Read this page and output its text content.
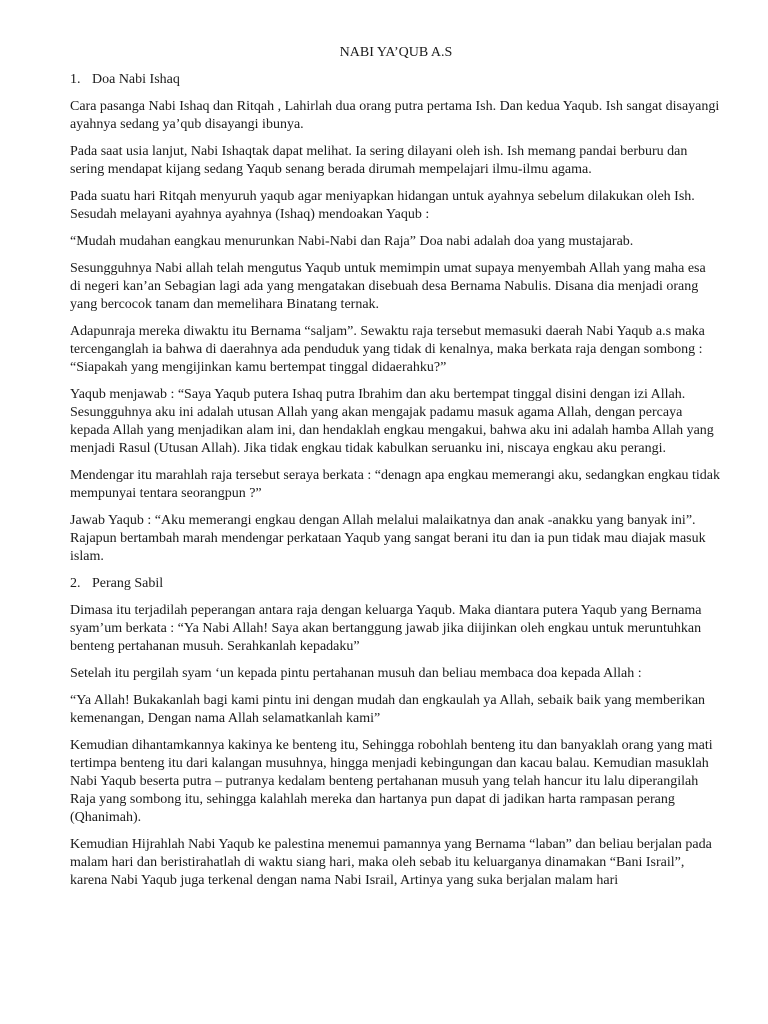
NABI YA’QUB A.S
1. Doa Nabi Ishaq

Cara pasanga Nabi Ishaq dan Ritqah , Lahirlah dua orang putra pertama Ish. Dan kedua Yaqub. Ish sangat disayangi ayahnya sedang ya’qub disayangi ibunya.

Pada saat usia lanjut, Nabi Ishaqtak dapat melihat. Ia sering dilayani oleh ish. Ish memang pandai berburu dan sering mendapat kijang sedang Yaqub senang berada dirumah mempelajari ilmu-ilmu agama.

Pada suatu hari Ritqah menyuruh yaqub agar meniyapkan hidangan untuk ayahnya sebelum dilakukan oleh Ish. Sesudah melayani ayahnya ayahnya (Ishaq) mendoakan Yaqub :

“Mudah mudahan eangkau menurunkan Nabi-Nabi dan Raja” Doa nabi adalah doa yang mustajarab.

Sesungguhnya Nabi allah telah mengutus Yaqub untuk memimpin umat supaya menyembah Allah yang maha esa di negeri kan’an Sebagian lagi ada yang mengatakan disebuah desa Bernama Nabulis. Disana dia menjadi orang yang bercocok tanam dan memelihara Binatang ternak.

Adapunraja mereka diwaktu itu Bernama “saljam”. Sewaktu raja tersebut memasuki daerah Nabi Yaqub a.s maka tercenganglah ia bahwa di daerahnya ada penduduk yang tidak di kenalnya, maka berkata raja dengan sombong : “Siapakah yang mengijinkan kamu bertempat tinggal didaerahku?”

Yaqub menjawab : “Saya Yaqub putera Ishaq putra Ibrahim dan aku bertempat tinggal disini dengan izi Allah. Sesungguhnya aku ini adalah utusan Allah yang akan mengajak padamu masuk agama Allah, dengan percaya kepada Allah yang menjadikan alam ini, dan hendaklah engkau mengakui, bahwa aku ini adalah hamba Allah yang menjadi Rasul (Utusan Allah). Jika tidak engkau tidak kabulkan seruanku ini, niscaya engkau aku perangi.

Mendengar itu marahlah raja tersebut seraya berkata : “denagn apa engkau memerangi aku, sedangkan engkau tidak mempunyai tentara seorangpun ?”

Jawab Yaqub : “Aku memerangi engkau dengan Allah melalui malaikatnya dan anak -anakku yang banyak ini”. Rajapun bertambah marah mendengar perkataan Yaqub yang sangat berani itu dan ia pun tidak mau diajak masuk islam.

2. Perang Sabil

Dimasa itu terjadilah peperangan antara raja dengan keluarga Yaqub. Maka diantara putera Yaqub yang Bernama syam’um berkata : “Ya Nabi Allah! Saya akan bertanggung jawab jika diijinkan oleh engkau untuk meruntuhkan benteng pertahanan musuh. Serahkanlah kepadaku”

Setelah itu pergilah syam ‘un kepada pintu pertahanan musuh dan beliau membaca doa kepada Allah :

“Ya Allah! Bukakanlah bagi kami pintu ini dengan mudah dan engkaulah ya Allah, sebaik baik yang memberikan kemenangan, Dengan nama Allah selamatkanlah kami”

Kemudian dihantamkannya kakinya ke benteng itu, Sehingga robohlah benteng itu dan banyaklah orang yang mati tertimpa benteng itu dari kalangan musuhnya, hingga menjadi kebingungan dan kacau balau. Kemudian masuklah Nabi Yaqub beserta putra – putranya kedalam benteng pertahanan musuh yang telah hancur itu lalu diperangilah Raja yang sombong itu, sehingga kalahlah mereka dan hartanya pun dapat di jadikan harta rampasan perang (Qhanimah).

Kemudian Hijrahlah Nabi Yaqub ke palestina menemui pamannya yang Bernama “laban” dan beliau berjalan pada malam hari dan beristirahatlah di waktu siang hari, maka oleh sebab itu keluarganya dinamakan “Bani Israil”, karena Nabi Yaqub juga terkenal dengan nama Nabi Israil, Artinya yang suka berjalan malam hari
